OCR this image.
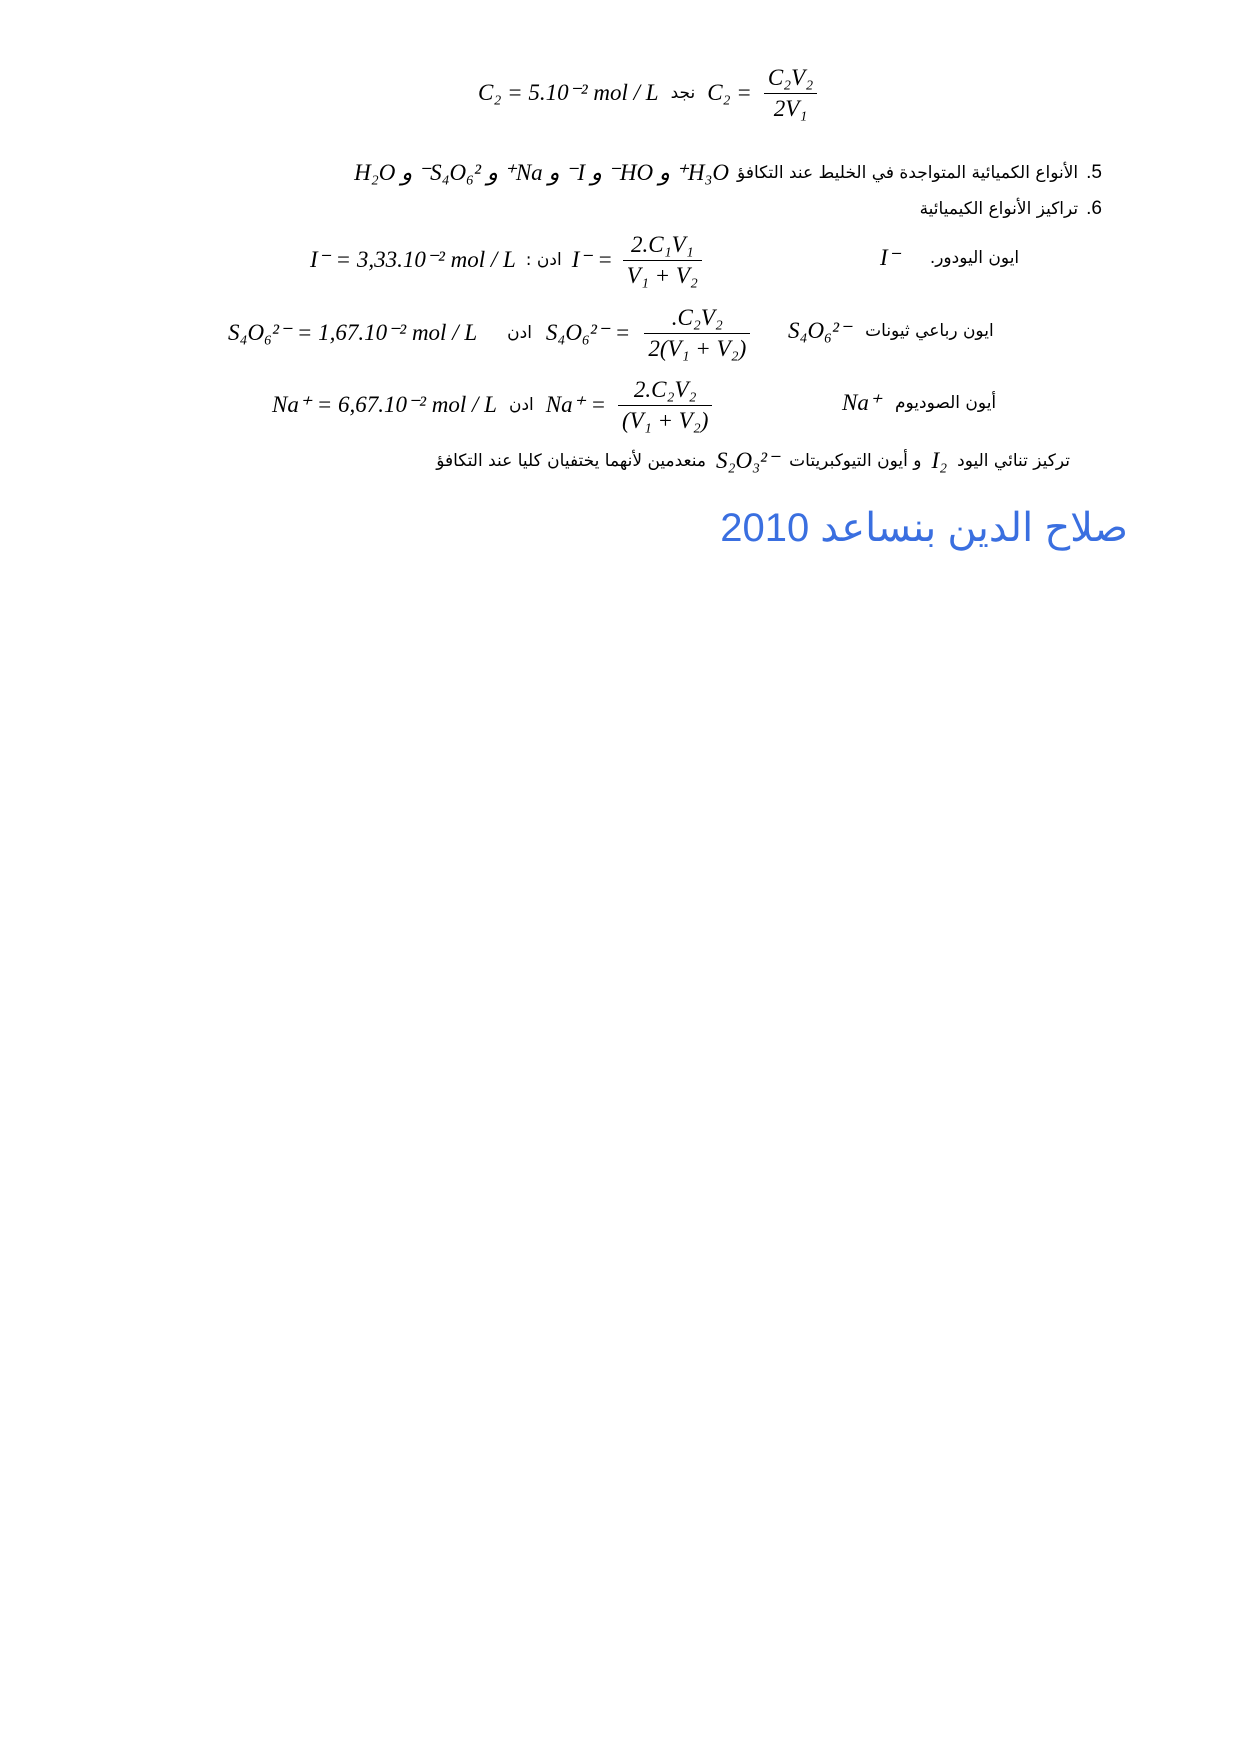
C₂ = 5.10⁻² mol / L نجد $C_2 = \frac{\text{C₂V₂}}{\text{2V₁}}$
.5
الأنواع الكميائية المتواجدة في الخليط عند التكافؤ
H₃O⁺ و HO⁻ و I⁻ و Na⁺ و S₄O₆²⁻ و H₂O
.6
تراكيز الأنواع الكيميائية
I⁻ = 3,33.10⁻² mol / L ادن : $I^- = \frac{\text{2.C₁V₁}}{\text{V₁ + V₂}}$	I⁻ ايون اليودور.
S₄O₆²⁻ = 1,67.10⁻² mol / L ادن $S_4O_6^{2-} = \frac{\text{.C₂V₂}}{\text{2(V₁ + V₂)}} S_4O_6^{2-}$ ايون رباعي ثيونات
Na⁺ = 6,67.10⁻² mol / L ادن $Na^+ = \frac{\text{2.C₂V₂}}{\text{(V₁ + V₂)}}$	Na⁺ أيون الصوديوم
تركيز تنائي اليود
I₂
و أيون التيوكبريتات
S₂O₃²⁻
منعدمين لأنهما يختفيان كليا عند التكافؤ
صلاح الدين بنساعد 2010
